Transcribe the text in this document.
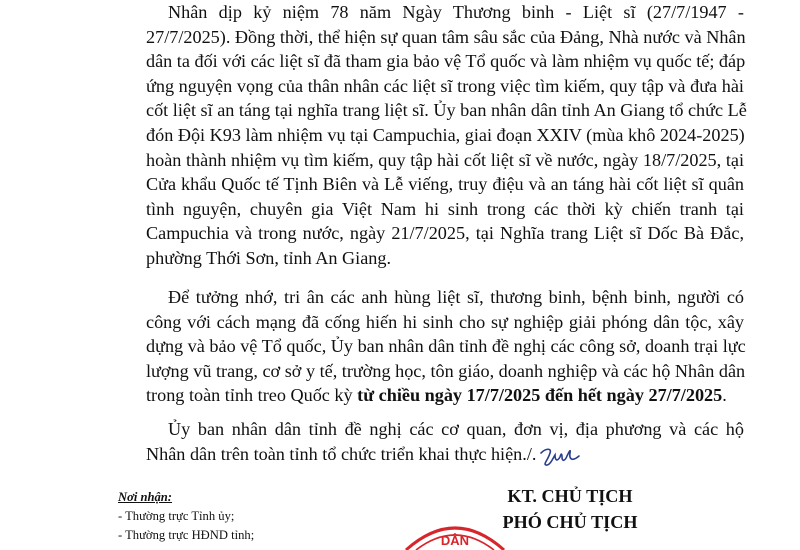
Nhân dịp kỷ niệm 78 năm Ngày Thương binh - Liệt sĩ (27/7/1947 -
27/7/2025). Đồng thời, thể hiện sự quan tâm sâu sắc của Đảng, Nhà nước và Nhân
dân ta đối với các liệt sĩ đã tham gia bảo vệ Tổ quốc và làm nhiệm vụ quốc tế; đáp
ứng nguyện vọng của thân nhân các liệt sĩ trong việc tìm kiếm, quy tập và đưa hài
cốt liệt sĩ an táng tại nghĩa trang liệt sĩ. Ủy ban nhân dân tỉnh An Giang tổ chức Lễ
đón Đội K93 làm nhiệm vụ tại Campuchia, giai đoạn XXIV (mùa khô 2024-2025)
hoàn thành nhiệm vụ tìm kiếm, quy tập hài cốt liệt sĩ về nước, ngày 18/7/2025, tại
Cửa khẩu Quốc tế Tịnh Biên và Lễ viếng, truy điệu và an táng hài cốt liệt sĩ quân
tình nguyện, chuyên gia Việt Nam hi sinh trong các thời kỳ chiến tranh tại
Campuchia và trong nước, ngày 21/7/2025, tại Nghĩa trang Liệt sĩ Dốc Bà Đắc,
phường Thới Sơn, tỉnh An Giang.
Để tưởng nhớ, tri ân các anh hùng liệt sĩ, thương binh, bệnh binh, người có
công với cách mạng đã cống hiến hi sinh cho sự nghiệp giải phóng dân tộc, xây
dựng và bảo vệ Tổ quốc, Ủy ban nhân dân tỉnh đề nghị các công sở, doanh trại lực
lượng vũ trang, cơ sở y tế, trường học, tôn giáo, doanh nghiệp và các hộ Nhân dân
trong toàn tỉnh treo Quốc kỳ từ chiều ngày 17/7/2025 đến hết ngày 27/7/2025.
Ủy ban nhân dân tỉnh đề nghị các cơ quan, đơn vị, địa phương và các hộ
Nhân dân trên toàn tỉnh tổ chức triển khai thực hiện./.
Nơi nhận:
- Thường trực Tỉnh ủy;
- Thường trực HĐND tỉnh;
KT. CHỦ TỊCH
PHÓ CHỦ TỊCH
DÂN
